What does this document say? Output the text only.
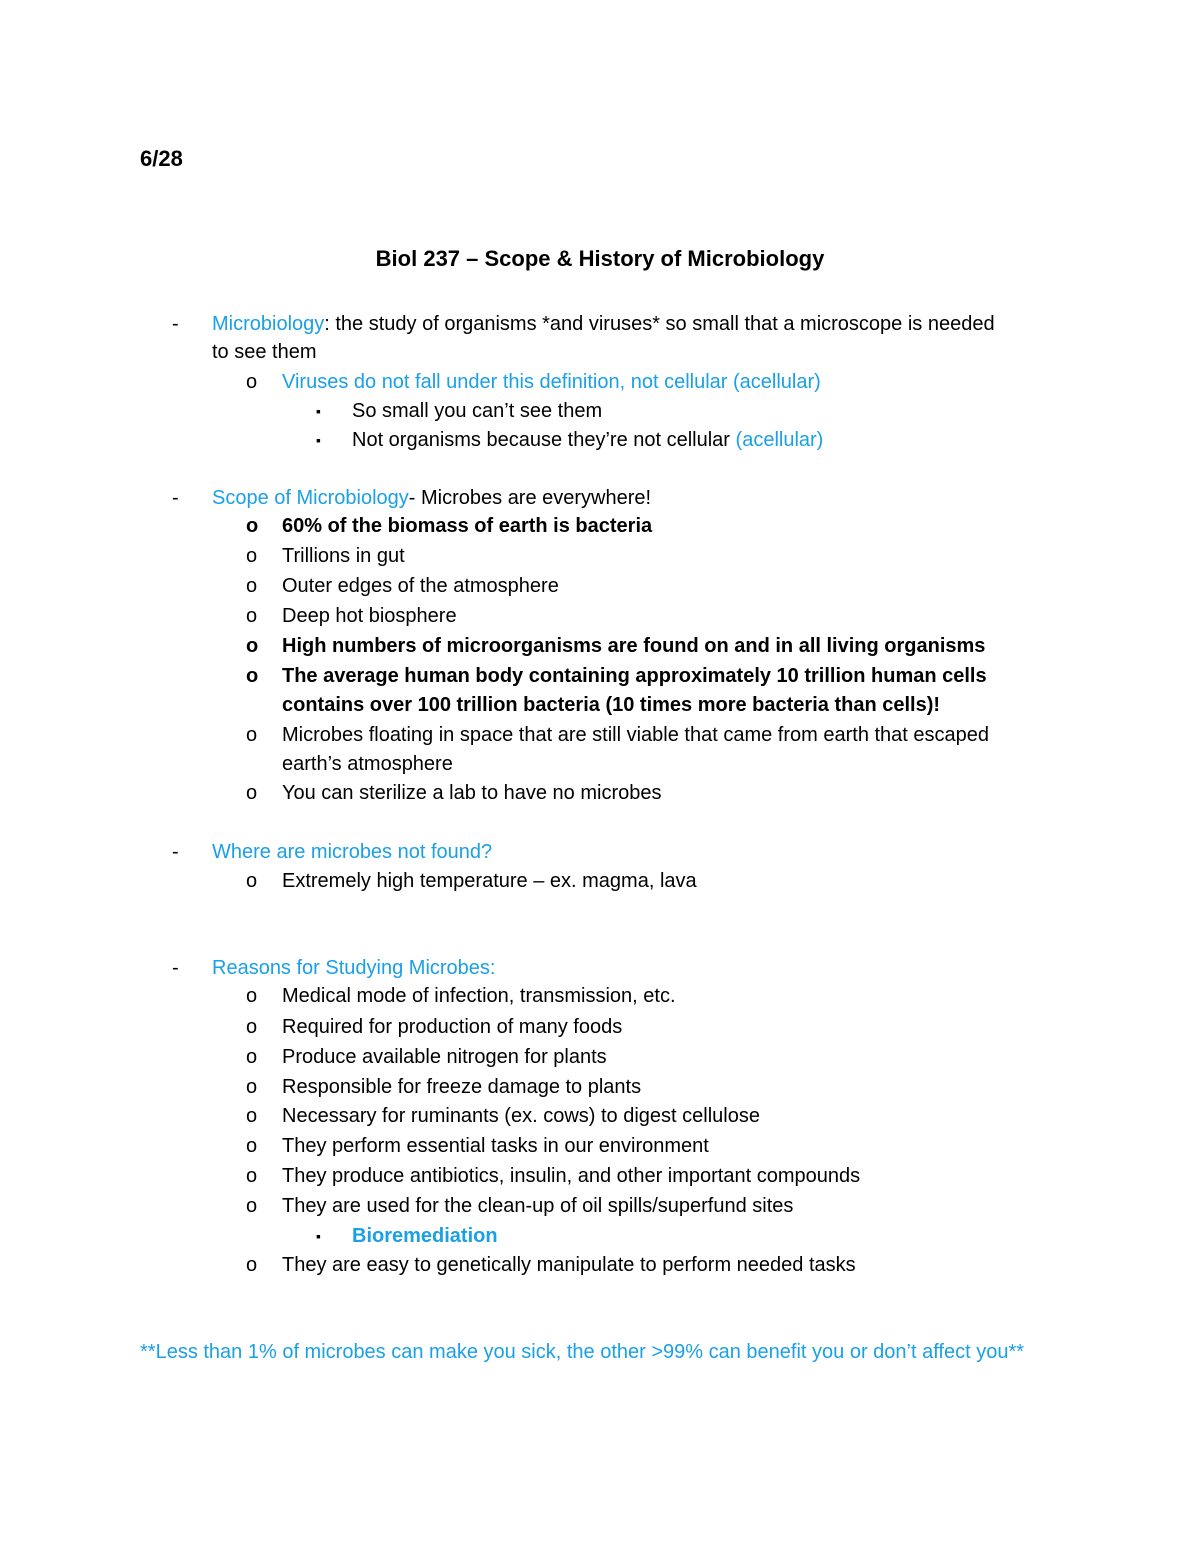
6/28
Biol 237 – Scope & History of Microbiology
- Microbiology: the study of organisms *and viruses* so small that a microscope is needed
to see them
o Viruses do not fall under this definition, not cellular (acellular)
▪ So small you can’t see them
▪ Not organisms because they’re not cellular (acellular)
- Scope of Microbiology- Microbes are everywhere!
o 60% of the biomass of earth is bacteria
o Trillions in gut
o Outer edges of the atmosphere
o Deep hot biosphere
o High numbers of microorganisms are found on and in all living organisms
o The average human body containing approximately 10 trillion human cells
contains over 100 trillion bacteria (10 times more bacteria than cells)!
o Microbes floating in space that are still viable that came from earth that escaped
earth’s atmosphere
o You can sterilize a lab to have no microbes
- Where are microbes not found?
o Extremely high temperature – ex. magma, lava
- Reasons for Studying Microbes:
o Medical mode of infection, transmission, etc.
o Required for production of many foods
o Produce available nitrogen for plants
o Responsible for freeze damage to plants
o Necessary for ruminants (ex. cows) to digest cellulose
o They perform essential tasks in our environment
o They produce antibiotics, insulin, and other important compounds
o They are used for the clean-up of oil spills/superfund sites
▪ Bioremediation
o They are easy to genetically manipulate to perform needed tasks
**Less than 1% of microbes can make you sick, the other >99% can benefit you or don’t affect you**
